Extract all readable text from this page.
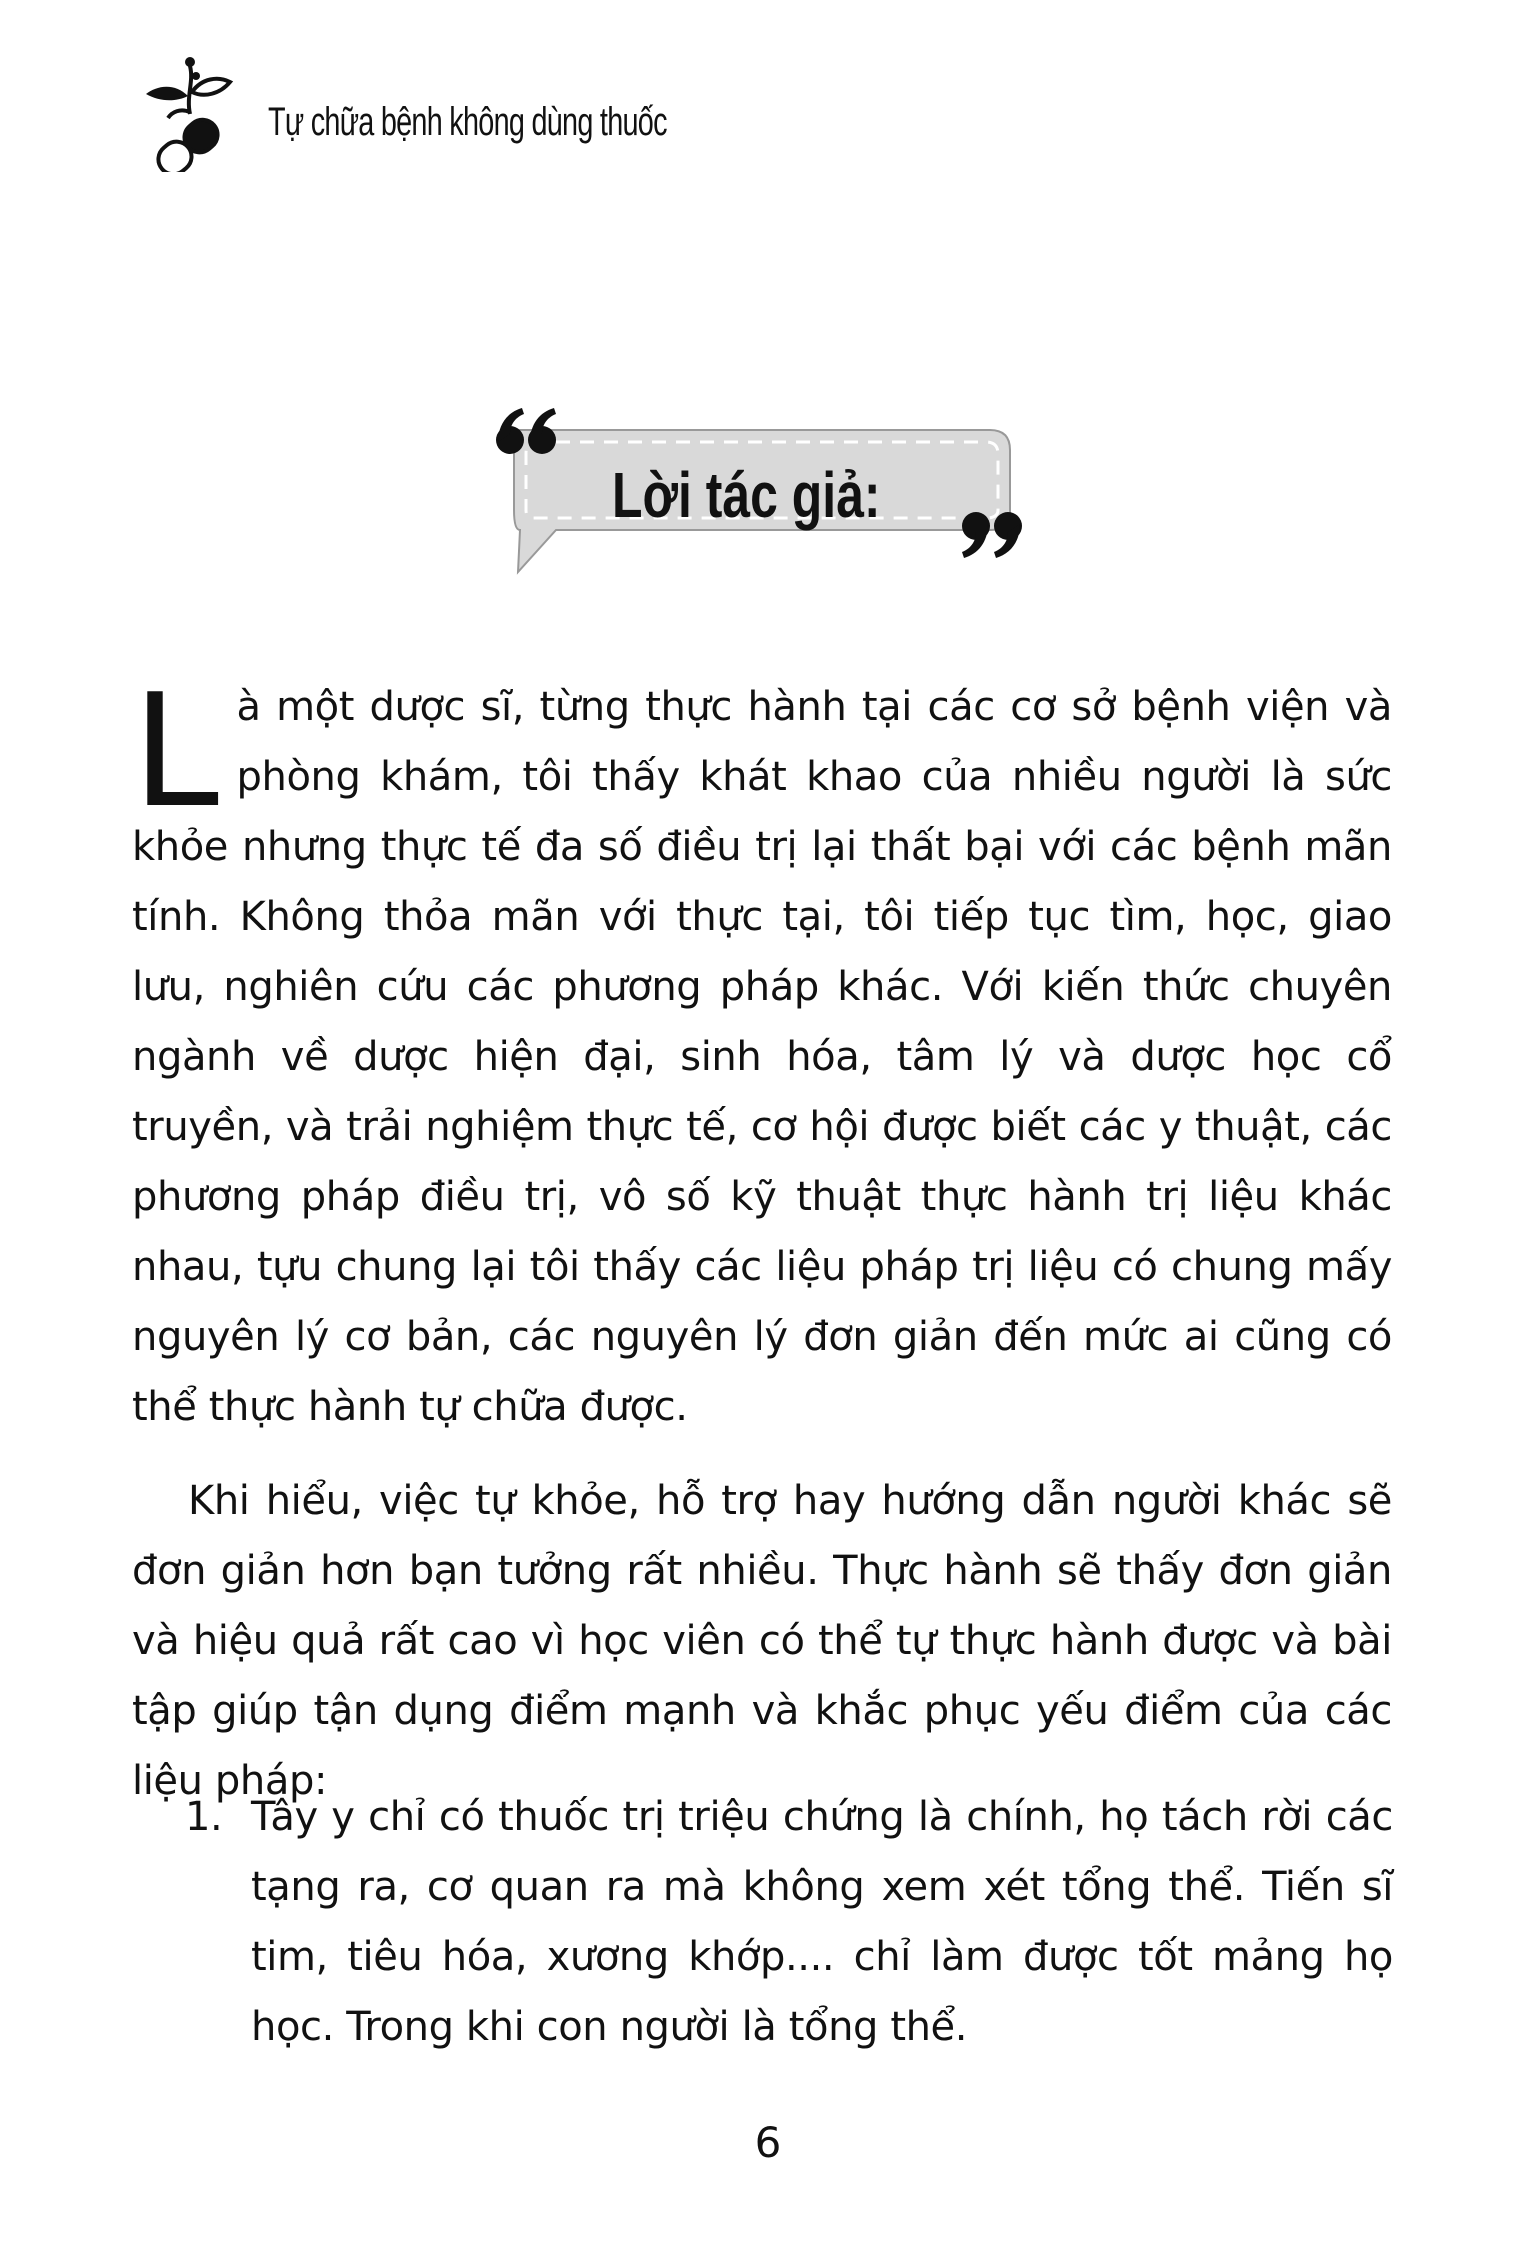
Tự chữa bệnh không dùng thuốc
Lời tác giả:

Là một dược sĩ, từng thực hành tại các cơ sở bệnh viện và phòng khám, tôi thấy khát khao của nhiều người là sức khỏe nhưng thực tế đa số điều trị lại thất bại với các bệnh mãn tính. Không thỏa mãn với thực tại, tôi tiếp tục tìm, học, giao lưu, nghiên cứu các phương pháp khác. Với kiến thức chuyên ngành về dược hiện đại, sinh hóa, tâm lý và dược học cổ truyền, và trải nghiệm thực tế, cơ hội được biết các y thuật, các phương pháp điều trị, vô số kỹ thuật thực hành trị liệu khác nhau, tựu chung lại tôi thấy các liệu pháp trị liệu có chung mấy nguyên lý cơ bản, các nguyên lý đơn giản đến mức ai cũng có thể thực hành tự chữa được.

Khi hiểu, việc tự khỏe, hỗ trợ hay hướng dẫn người khác sẽ đơn giản hơn bạn tưởng rất nhiều. Thực hành sẽ thấy đơn giản và hiệu quả rất cao vì học viên có thể tự thực hành được và bài tập giúp tận dụng điểm mạnh và khắc phục yếu điểm của các liệu pháp:

1. Tây y chỉ có thuốc trị triệu chứng là chính, họ tách rời các tạng ra, cơ quan ra mà không xem xét tổng thể. Tiến sĩ tim, tiêu hóa, xương khớp.... chỉ làm được tốt mảng họ học. Trong khi con người là tổng thể.
6
